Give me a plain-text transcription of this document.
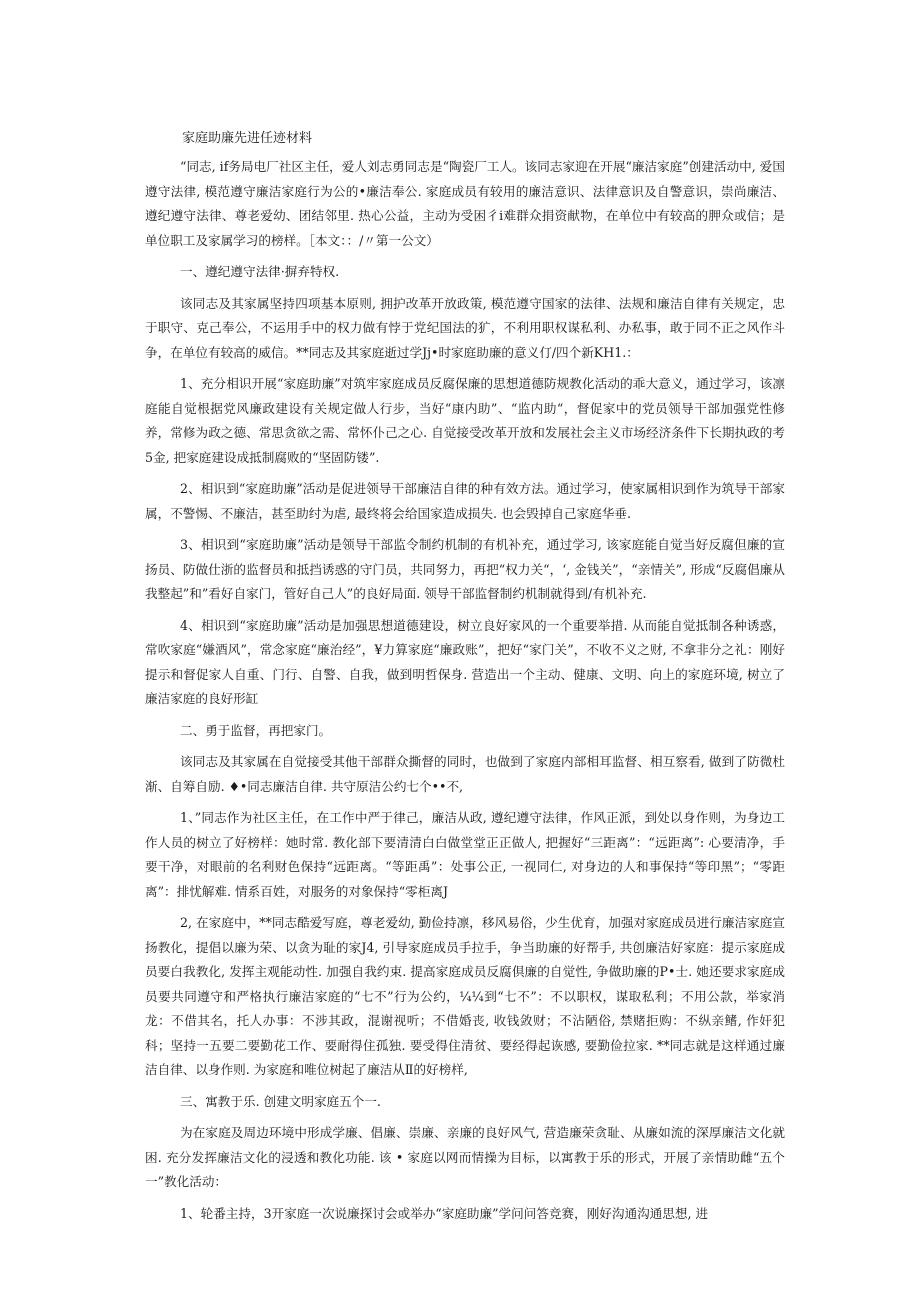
家庭助廉先进任迹材料

“同志, if务局电厂社区主任，爱人刘志勇同志是“陶瓷厂工人。该同志家迎在开展“廉洁家庭”创建活动中, 爱国遵守法律, 模范遵守廉洁家庭行为公的•廉洁奉公. 家庭成员有较用的廉洁意识、法律意识及自警意识，崇尚廉洁、遵纪遵守法律、尊老爱幼、团结邻里. 热心公益，主动为受困彳i难群众捐资献物，在单位中有较高的胛众或信；是单位职工及家属学习的榜样。［本文：：/〃第一公文）

一、遵纪遵守法律·摒弃特权.

该同志及其家属坚持四项基本原则, 拥护改革开放政策, 模范遵守国家的法律、法规和廉洁自律有关规定，忠于职守、克己奉公，不运用手中的权力做有悖于党纪国法的犷，不利用职权谋私利、办私事，敢于同不正之风作斗争，在单位有较高的威信。**同志及其家庭逝过学Jj•时家庭助廉的意义仃/四个新KH1.：

1、充分相识开展“家庭助廉”对筑牢家庭成员反腐保廉的思想道德防规教化活动的乖大意义，通过学习，该凛庭能自觉根据党风廉政建设有关规定做人行步，当好“康内助”、“监内助“，督促家中的党员领导干部加强党性修养，常修为政之德、常思贪欲之需、常怀仆己之心. 自觉接受改革开放和发展社会主义市场经济条件下长期执政的考5金, 把家庭建设成抵制腐败的“坚固防镂”.

2、相识到“家庭助廉”活动是促进领导干部廉洁自律的种有效方法。通过学习，使家属相识到作为筑导干部家属，不警惕、不廉洁，甚至助纣为虐, 最终将会给国家造成损失. 也会毁掉自己家庭华垂.

3、相识到“家庭助廉”活动是领导干部监令制约机制的有机补充，通过学习, 该家庭能自觉当好反腐但廉的宣扬员、防做仕浙的监督员和抵挡诱惑的守门员，共同努力，再把“权力关“，‘, 金钱关”，“亲情关”, 形成“反腐倡廉从我整起”和”看好自家门，管好自己人”的良好局面. 领导干部监督制约机制就得到/有机补充.

4、相识到“家庭助廉”活动是加强思想道德建设，树立良好家风的一个重要举措. 从而能自觉抵制各种诱惑，常吹家庭“嫌酒风”，常念家庭“廉治经”，¥力算家庭“廉政账”，把好“家门关”，不收不义之财, 不拿非分之礼：刚好提示和督促家人自重、门行、自警、自我，做到明哲保身. 营造出一个主动、健康、文明、向上的家庭环境, 树立了廉洁家庭的良好形缸

二、勇于监督，再把家门。

该同志及其家属在自觉接受其他干部群众撕督的同时，也做到了家庭内部相耳监督、相互察看, 做到了防微杜渐、自筹自励. ♦•同志廉洁自律. 共守原洁公约七个••不,

1、”同志作为社区主任，在工作中严于律己，廉洁从政, 遵纪遵守法律，作风正派，到处以身作则，为身边工作人员的树立了好榜样：她时常. 教化部下要清清白白做堂堂正正做人, 把握好“三距离”：“远距离”: 心要清净，手要干净，对眼前的名利财色保持“远距离。“等距禹”：处事公正, 一视同仁, 对身边的人和事保持“等印黑”；“零距离”：排忧解难. 情系百姓，对服务的对象保持“零柜离J

2, 在家庭中，**同志酷爱写庭，尊老爱幼, 勤俭持凛，移风易俗，少生优育，加强对家庭成员进行廉洁家庭宣扬教化，提倡以廉为荣、以贪为耻的家J4, 引导家庭成员手拉手，争当助廉的好帮手, 共创廉洁好家庭：提示家庭成员要白我教化, 发挥主观能动性. 加强自我约束. 提高家庭成员反腐倶廉的自觉性, 争做助廉的P•士. 她还要求家庭成员要共同遵守和严格执行廉洁家庭的“七不”行为公约，¼¼到“七不”：不以职权，谋取私利；不用公款，举家消龙：不借其名，托人办事：不涉其政，混谢视听；不借婚丧, 收钱敛财；不沾陋俗, 禁赌拒购：不纵亲鳍, 作奸犯科；坚持一五要二要勤花工作、要耐得住孤独. 要受得住清贫、要经得起诙感, 要勤俭拉家. **同志就是这样通过廉洁自律、以身作则. 为家庭和唯位树起了廉洁从Ⅱ的好榜样,

三、寓教于乐. 创建文明家庭五个一.

为在家庭及周边环境中形成学廉、倡廉、崇廉、亲廉的良好风气, 营造廉荣贪耻、从廉如流的深厚廉洁文化就困. 充分发挥廉洁文化的浸透和教化功能. 该 • 家庭以网而情操为目标，以寓教于乐的形式，开展了亲情助雌“五个一”教化活动：

1、轮番主持，3开家庭一次说廉探讨会或举办“家庭助廉”学问问答竞赛，刚好沟通沟通思想, 进
